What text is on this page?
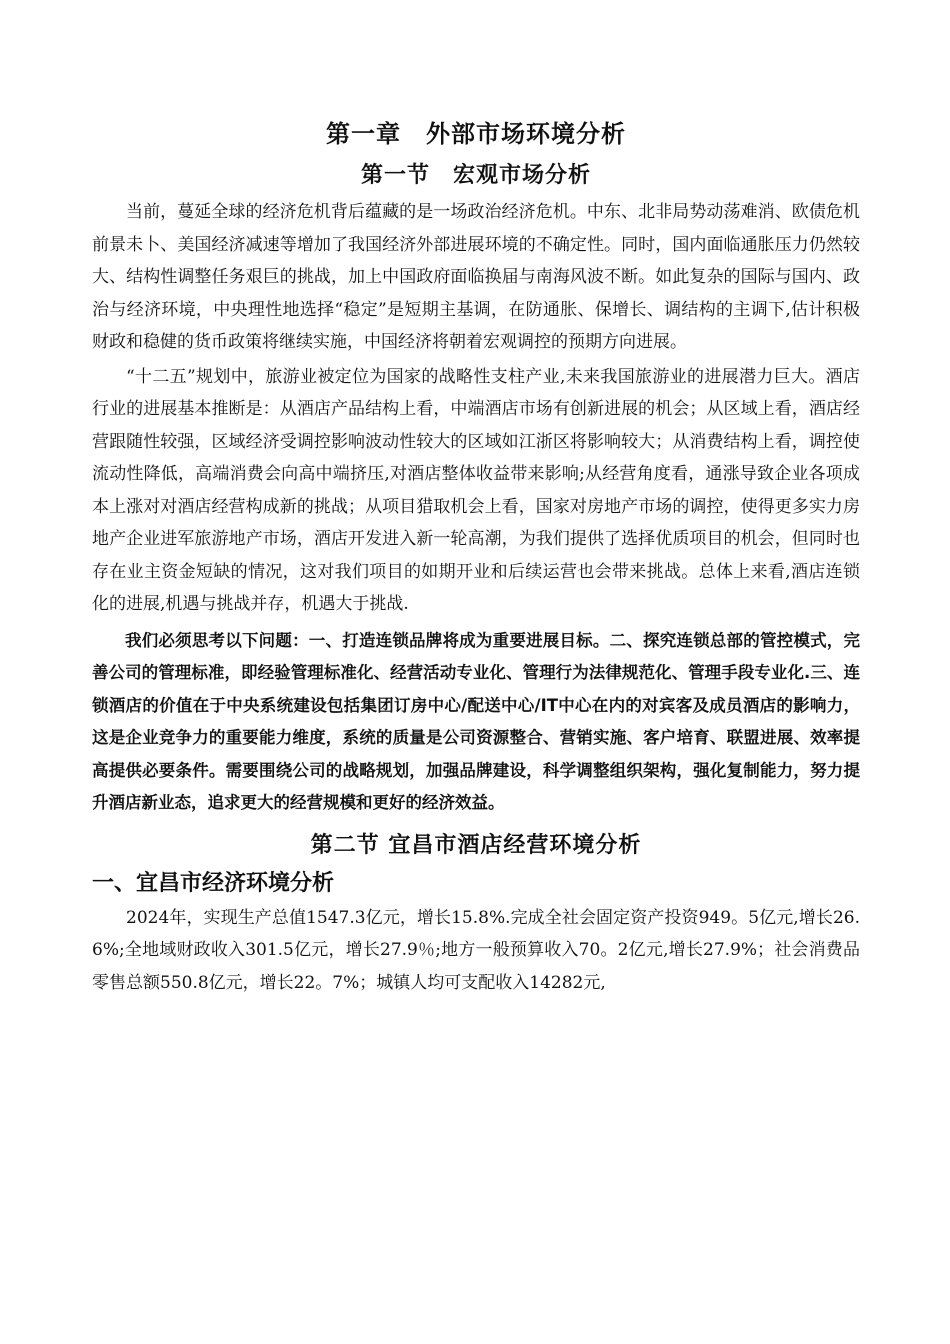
第一章　外部市场环境分析
第一节　宏观市场分析

当前，蔓延全球的经济危机背后蕴藏的是一场政治经济危机。中东、北非局势动荡难消、欧债危机前景未卜、美国经济减速等增加了我国经济外部进展环境的不确定性。同时，国内面临通胀压力仍然较大、结构性调整任务艰巨的挑战，加上中国政府面临换届与南海风波不断。如此复杂的国际与国内、政治与经济环境，中央理性地选择“稳定”是短期主基调，在防通胀、保增长、调结构的主调下,估计积极财政和稳健的货币政策将继续实施，中国经济将朝着宏观调控的预期方向进展。

“十二五”规划中，旅游业被定位为国家的战略性支柱产业,未来我国旅游业的进展潜力巨大。酒店行业的进展基本推断是：从酒店产品结构上看，中端酒店市场有创新进展的机会；从区域上看，酒店经营跟随性较强，区域经济受调控影响波动性较大的区域如江浙区将影响较大；从消费结构上看，调控使流动性降低，高端消费会向高中端挤压,对酒店整体收益带来影响;从经营角度看，通涨导致企业各项成本上涨对对酒店经营构成新的挑战；从项目猎取机会上看，国家对房地产市场的调控，使得更多实力房地产企业进军旅游地产市场，酒店开发进入新一轮高潮，为我们提供了选择优质项目的机会，但同时也存在业主资金短缺的情况，这对我们项目的如期开业和后续运营也会带来挑战。总体上来看,酒店连锁化的进展,机遇与挑战并存，机遇大于挑战.

我们必须思考以下问题：一、打造连锁品牌将成为重要进展目标。二、探究连锁总部的管控模式，完善公司的管理标准，即经验管理标准化、经营活动专业化、管理行为法律规范化、管理手段专业化.三、连锁酒店的价值在于中央系统建设包括集团订房中心/配送中心/IT中心在内的对宾客及成员酒店的影响力，这是企业竞争力的重要能力维度，系统的质量是公司资源整合、营销实施、客户培育、联盟进展、效率提高提供必要条件。需要围绕公司的战略规划，加强品牌建设，科学调整组织架构，强化复制能力，努力提升酒店新业态，追求更大的经营规模和更好的经济效益。

第二节 宜昌市酒店经营环境分析
一、宜昌市经济环境分析

2024年，实现生产总值1547.3亿元，增长15.8%.完成全社会固定资产投资949。5亿元,增长26.6%;全地域财政收入301.5亿元，增长27.9％;地方一般预算收入70。2亿元,增长27.9%；社会消费品零售总额550.8亿元，增长22。7%；城镇人均可支配收入14282元,
